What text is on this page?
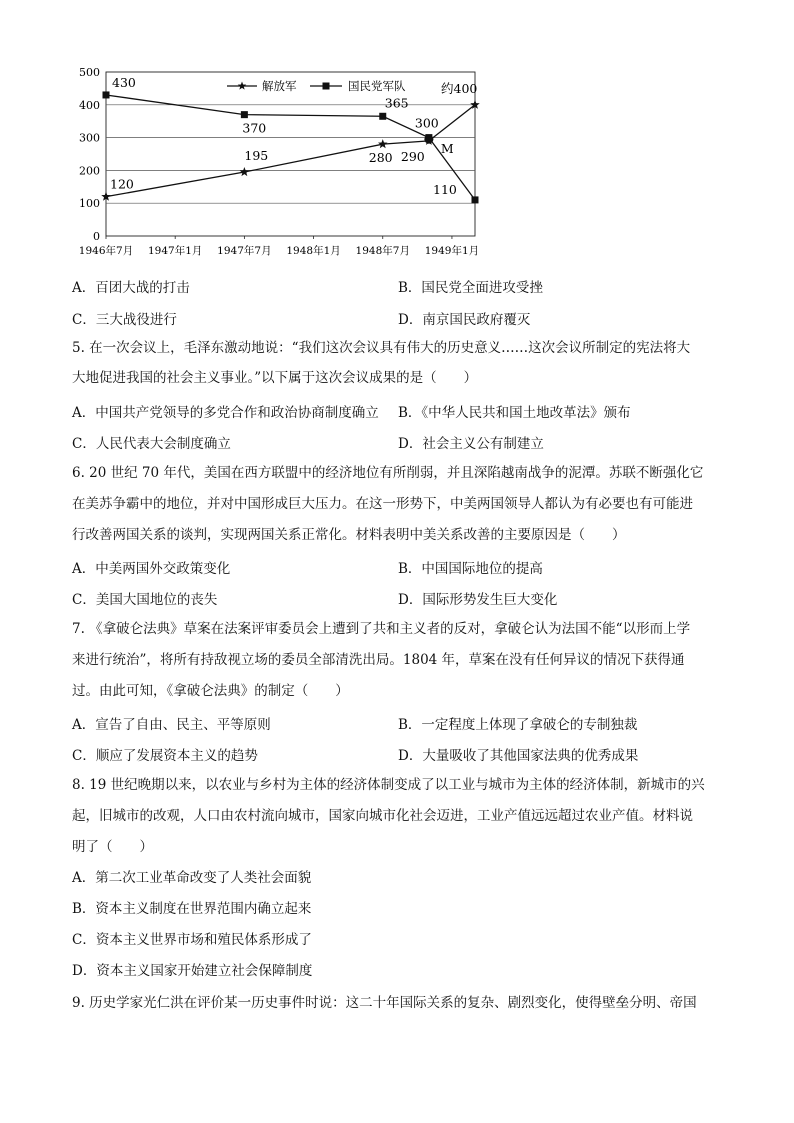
0
100
200
300
400
500
1946年7月 1947年1月 1947年7月 1948年1月 1948年7月 1949年1月
120
195	280 290
约400
430
370
365
300
110
M
解放军	国民党军队
A．百团大战的打击	B．国民党全面进攻受挫
C．三大战役进行	D．南京国民政府覆灭
5. 在一次会议上，毛泽东激动地说：“我们这次会议具有伟大的历史意义……这次会议所制定的宪法将大
大地促进我国的社会主义事业。”以下属于这次会议成果的是（　　）
A．中国共产党领导的多党合作和政治协商制度确立 B．《中华人民共和国土地改革法》颁布
C．人民代表大会制度确立	D．社会主义公有制建立
6. 20 世纪 70 年代，美国在西方联盟中的经济地位有所削弱，并且深陷越南战争的泥潭。苏联不断强化它
在美苏争霸中的地位，并对中国形成巨大压力。在这一形势下，中美两国领导人都认为有必要也有可能进
行改善两国关系的谈判，实现两国关系正常化。材料表明中美关系改善的主要原因是（　　）
A．中美两国外交政策变化	B．中国国际地位的提高
C．美国大国地位的丧失	D．国际形势发生巨大变化
7. 《拿破仑法典》草案在法案评审委员会上遭到了共和主义者的反对，拿破仑认为法国不能“以形而上学
来进行统治”，将所有持敌视立场的委员全部清洗出局。1804 年，草案在没有任何异议的情况下获得通
过。由此可知，《拿破仑法典》的制定（　　）
A．宣告了自由、民主、平等原则	B．一定程度上体现了拿破仑的专制独裁
C．顺应了发展资本主义的趋势	D．大量吸收了其他国家法典的优秀成果
8. 19 世纪晚期以来，以农业与乡村为主体的经济体制变成了以工业与城市为主体的经济体制，新城市的兴
起，旧城市的改观，人口由农村流向城市，国家向城市化社会迈进，工业产值远远超过农业产值。材料说
明了（　　）
A．第二次工业革命改变了人类社会面貌
B．资本主义制度在世界范围内确立起来
C．资本主义世界市场和殖民体系形成了
D．资本主义国家开始建立社会保障制度
9. 历史学家光仁洪在评价某一历史事件时说：这二十年国际关系的复杂、剧烈变化，使得壁垒分明、帝国
